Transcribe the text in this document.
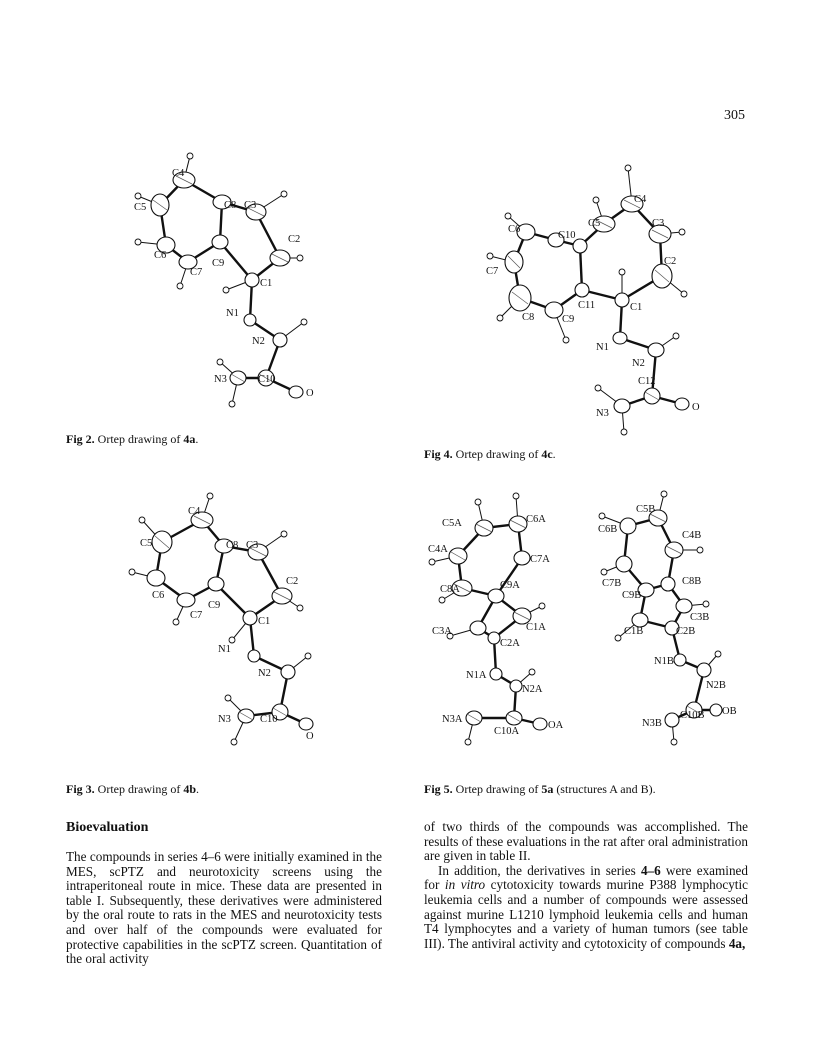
305
C4
C5	C8 C3
C2
C6
C7
C9
C1
N1
N2
N3	C10
O
Fig 2. Ortep drawing of 4a.
C6
C5
C4
C3
C10
C7
C2
C11	C1
C8	C9
N1
N2
C12
N3
O
Fig 4. Ortep drawing of 4c.
C4
C5	C8 C3
C2
C6
C7
C9
C1
N1
N2
N3	C10
O
Fig 3. Ortep drawing of 4b.
C5A	C6A
C4A
C7A
C8A	C9A
C1A
C3A
C2A
N1A
N2A
N3A
C10A
OA
C5B
C6B
C4B
C7B	C8B
C9B
C3B
C1B	C2B
N1B
N2B
N3B
C10B OB
Fig 5. Ortep drawing of 5a (structures A and B).
Bioevaluation

The compounds in series 4–6 were initially examined in the MES, scPTZ and neurotoxicity screens using the intraperitoneal route in mice. These data are presented in table I. Subsequently, these derivatives were administered by the oral route to rats in the MES and neurotoxicity tests and over half of the compounds were evaluated for protective capabilities in the scPTZ screen. Quantitation of the oral activity

of two thirds of the compounds was accomplished. The results of these evaluations in the rat after oral administration are given in table II.

In addition, the derivatives in series 4–6 were examined for in vitro cytotoxicity towards murine P388 lymphocytic leukemia cells and a number of compounds were assessed against murine L1210 lymphoid leukemia cells and human T4 lymphocytes and a variety of human tumors (see table III). The antiviral activity and cytotoxicity of compounds 4a,
